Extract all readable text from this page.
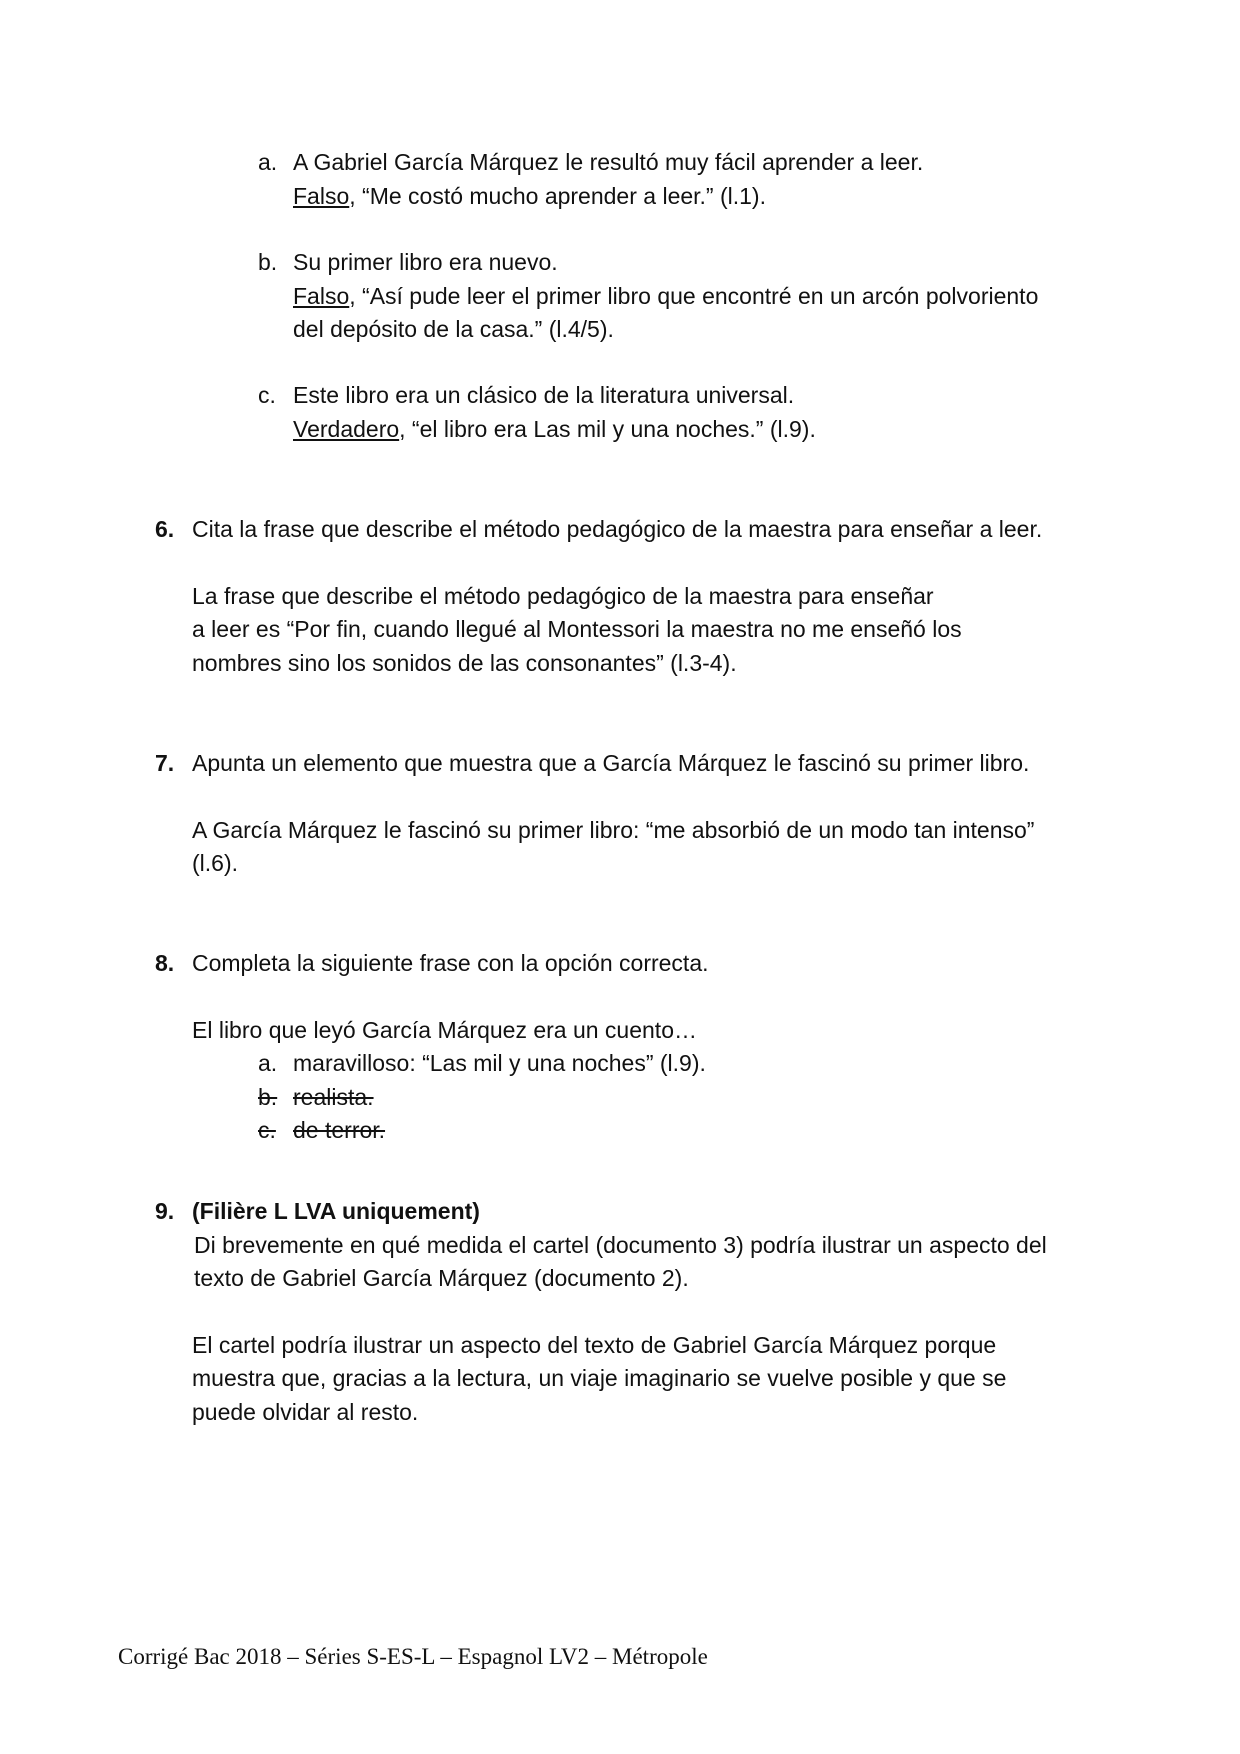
a. A Gabriel García Márquez le resultó muy fácil aprender a leer.
Falso, “Me costó mucho aprender a leer.” (l.1).
b. Su primer libro era nuevo.
Falso, “Así pude leer el primer libro que encontré en un arcón polvoriento
del depósito de la casa.” (l.4/5).
c. Este libro era un clásico de la literatura universal.
Verdadero, “el libro era Las mil y una noches.” (l.9).
6. Cita la frase que describe el método pedagógico de la maestra para enseñar a leer.
La frase que describe el método pedagógico de la maestra para enseñar
a leer es “Por fin, cuando llegué al Montessori la maestra no me enseñó los
nombres sino los sonidos de las consonantes” (l.3-4).
7. Apunta un elemento que muestra que a García Márquez le fascinó su primer libro.
A García Márquez le fascinó su primer libro: “me absorbió de un modo tan intenso”
(l.6).
8. Completa la siguiente frase con la opción correcta.
El libro que leyó García Márquez era un cuento…
a. maravilloso: “Las mil y una noches” (l.9).
b. realista.
c. de terror.
9. (Filière L LVA uniquement)
Di brevemente en qué medida el cartel (documento 3) podría ilustrar un aspecto del
texto de Gabriel García Márquez (documento 2).
El cartel podría ilustrar un aspecto del texto de Gabriel García Márquez porque
muestra que, gracias a la lectura, un viaje imaginario se vuelve posible y que se
puede olvidar al resto.
Corrigé Bac 2018 – Séries S-ES-L – Espagnol LV2 – Métropole
